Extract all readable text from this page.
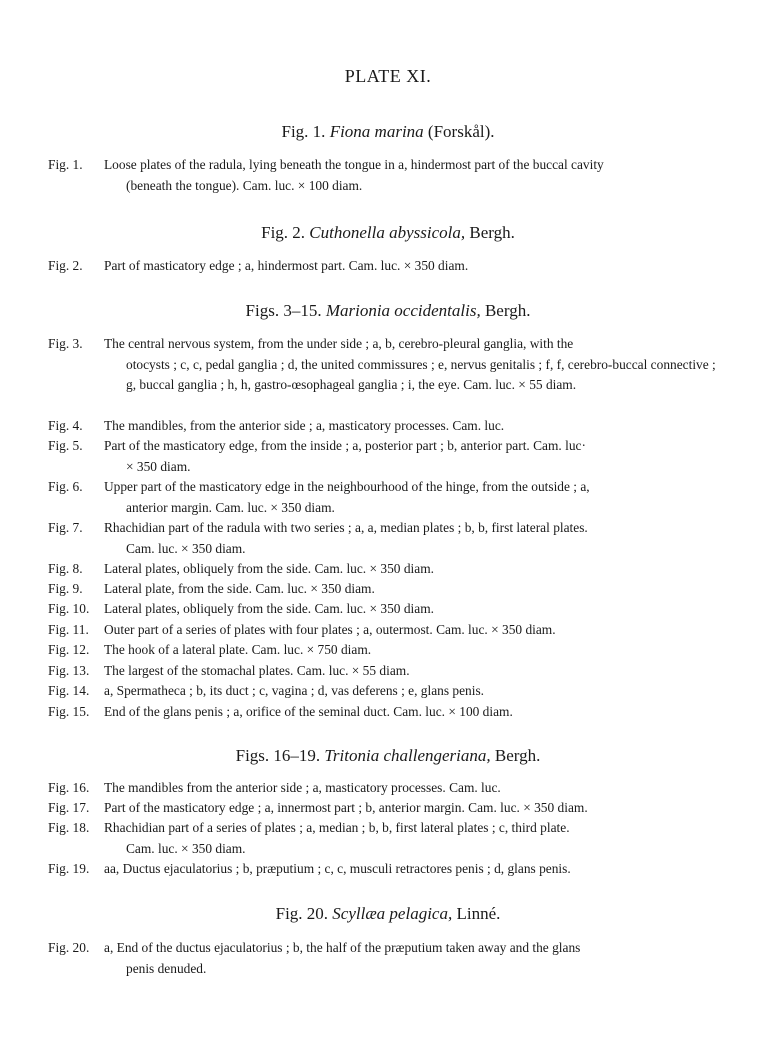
PLATE XI.
Fig. 1. Fiona marina (Forskål).
Fig. 1. Loose plates of the radula, lying beneath the tongue in a, hindermost part of the buccal cavity
(beneath the tongue). Cam. luc. × 100 diam.
Fig. 2. Cuthonella abyssicola, Bergh.
Fig. 2. Part of masticatory edge ; a, hindermost part. Cam. luc. × 350 diam.
Figs. 3–15. Marionia occidentalis, Bergh.
Fig. 3. The central nervous system, from the under side ; a, b, cerebro-pleural ganglia, with the
otocysts ; c, c, pedal ganglia ; d, the united commissures ; e, nervus genitalis ; f, f, cerebro-buccal connective ; g, buccal ganglia ; h, h, gastro-œsophageal ganglia ; i, the eye. Cam. luc. × 55 diam.
Fig. 4. The mandibles, from the anterior side ; a, masticatory processes. Cam. luc.
Fig. 5. Part of the masticatory edge, from the inside ; a, posterior part ; b, anterior part. Cam. luc·
× 350 diam.
Fig. 6. Upper part of the masticatory edge in the neighbourhood of the hinge, from the outside ; a,
anterior margin. Cam. luc. × 350 diam.
Fig. 7. Rhachidian part of the radula with two series ; a, a, median plates ; b, b, first lateral plates.
Cam. luc. × 350 diam.
Fig. 8. Lateral plates, obliquely from the side. Cam. luc. × 350 diam.
Fig. 9. Lateral plate, from the side. Cam. luc. × 350 diam.
Fig. 10. Lateral plates, obliquely from the side. Cam. luc. × 350 diam.
Fig. 11. Outer part of a series of plates with four plates ; a, outermost. Cam. luc. × 350 diam.
Fig. 12. The hook of a lateral plate. Cam. luc. × 750 diam.
Fig. 13. The largest of the stomachal plates. Cam. luc. × 55 diam.
Fig. 14. a, Spermatheca ; b, its duct ; c, vagina ; d, vas deferens ; e, glans penis.
Fig. 15. End of the glans penis ; a, orifice of the seminal duct. Cam. luc. × 100 diam.
Figs. 16–19. Tritonia challengeriana, Bergh.
Fig. 16. The mandibles from the anterior side ; a, masticatory processes. Cam. luc.
Fig. 17. Part of the masticatory edge ; a, innermost part ; b, anterior margin. Cam. luc. × 350 diam.
Fig. 18. Rhachidian part of a series of plates ; a, median ; b, b, first lateral plates ; c, third plate.
Cam. luc. × 350 diam.
Fig. 19. aa, Ductus ejaculatorius ; b, præputium ; c, c, musculi retractores penis ; d, glans penis.
Fig. 20. Scyllæa pelagica, Linné.
Fig. 20. a, End of the ductus ejaculatorius ; b, the half of the præputium taken away and the glans
penis denuded.
